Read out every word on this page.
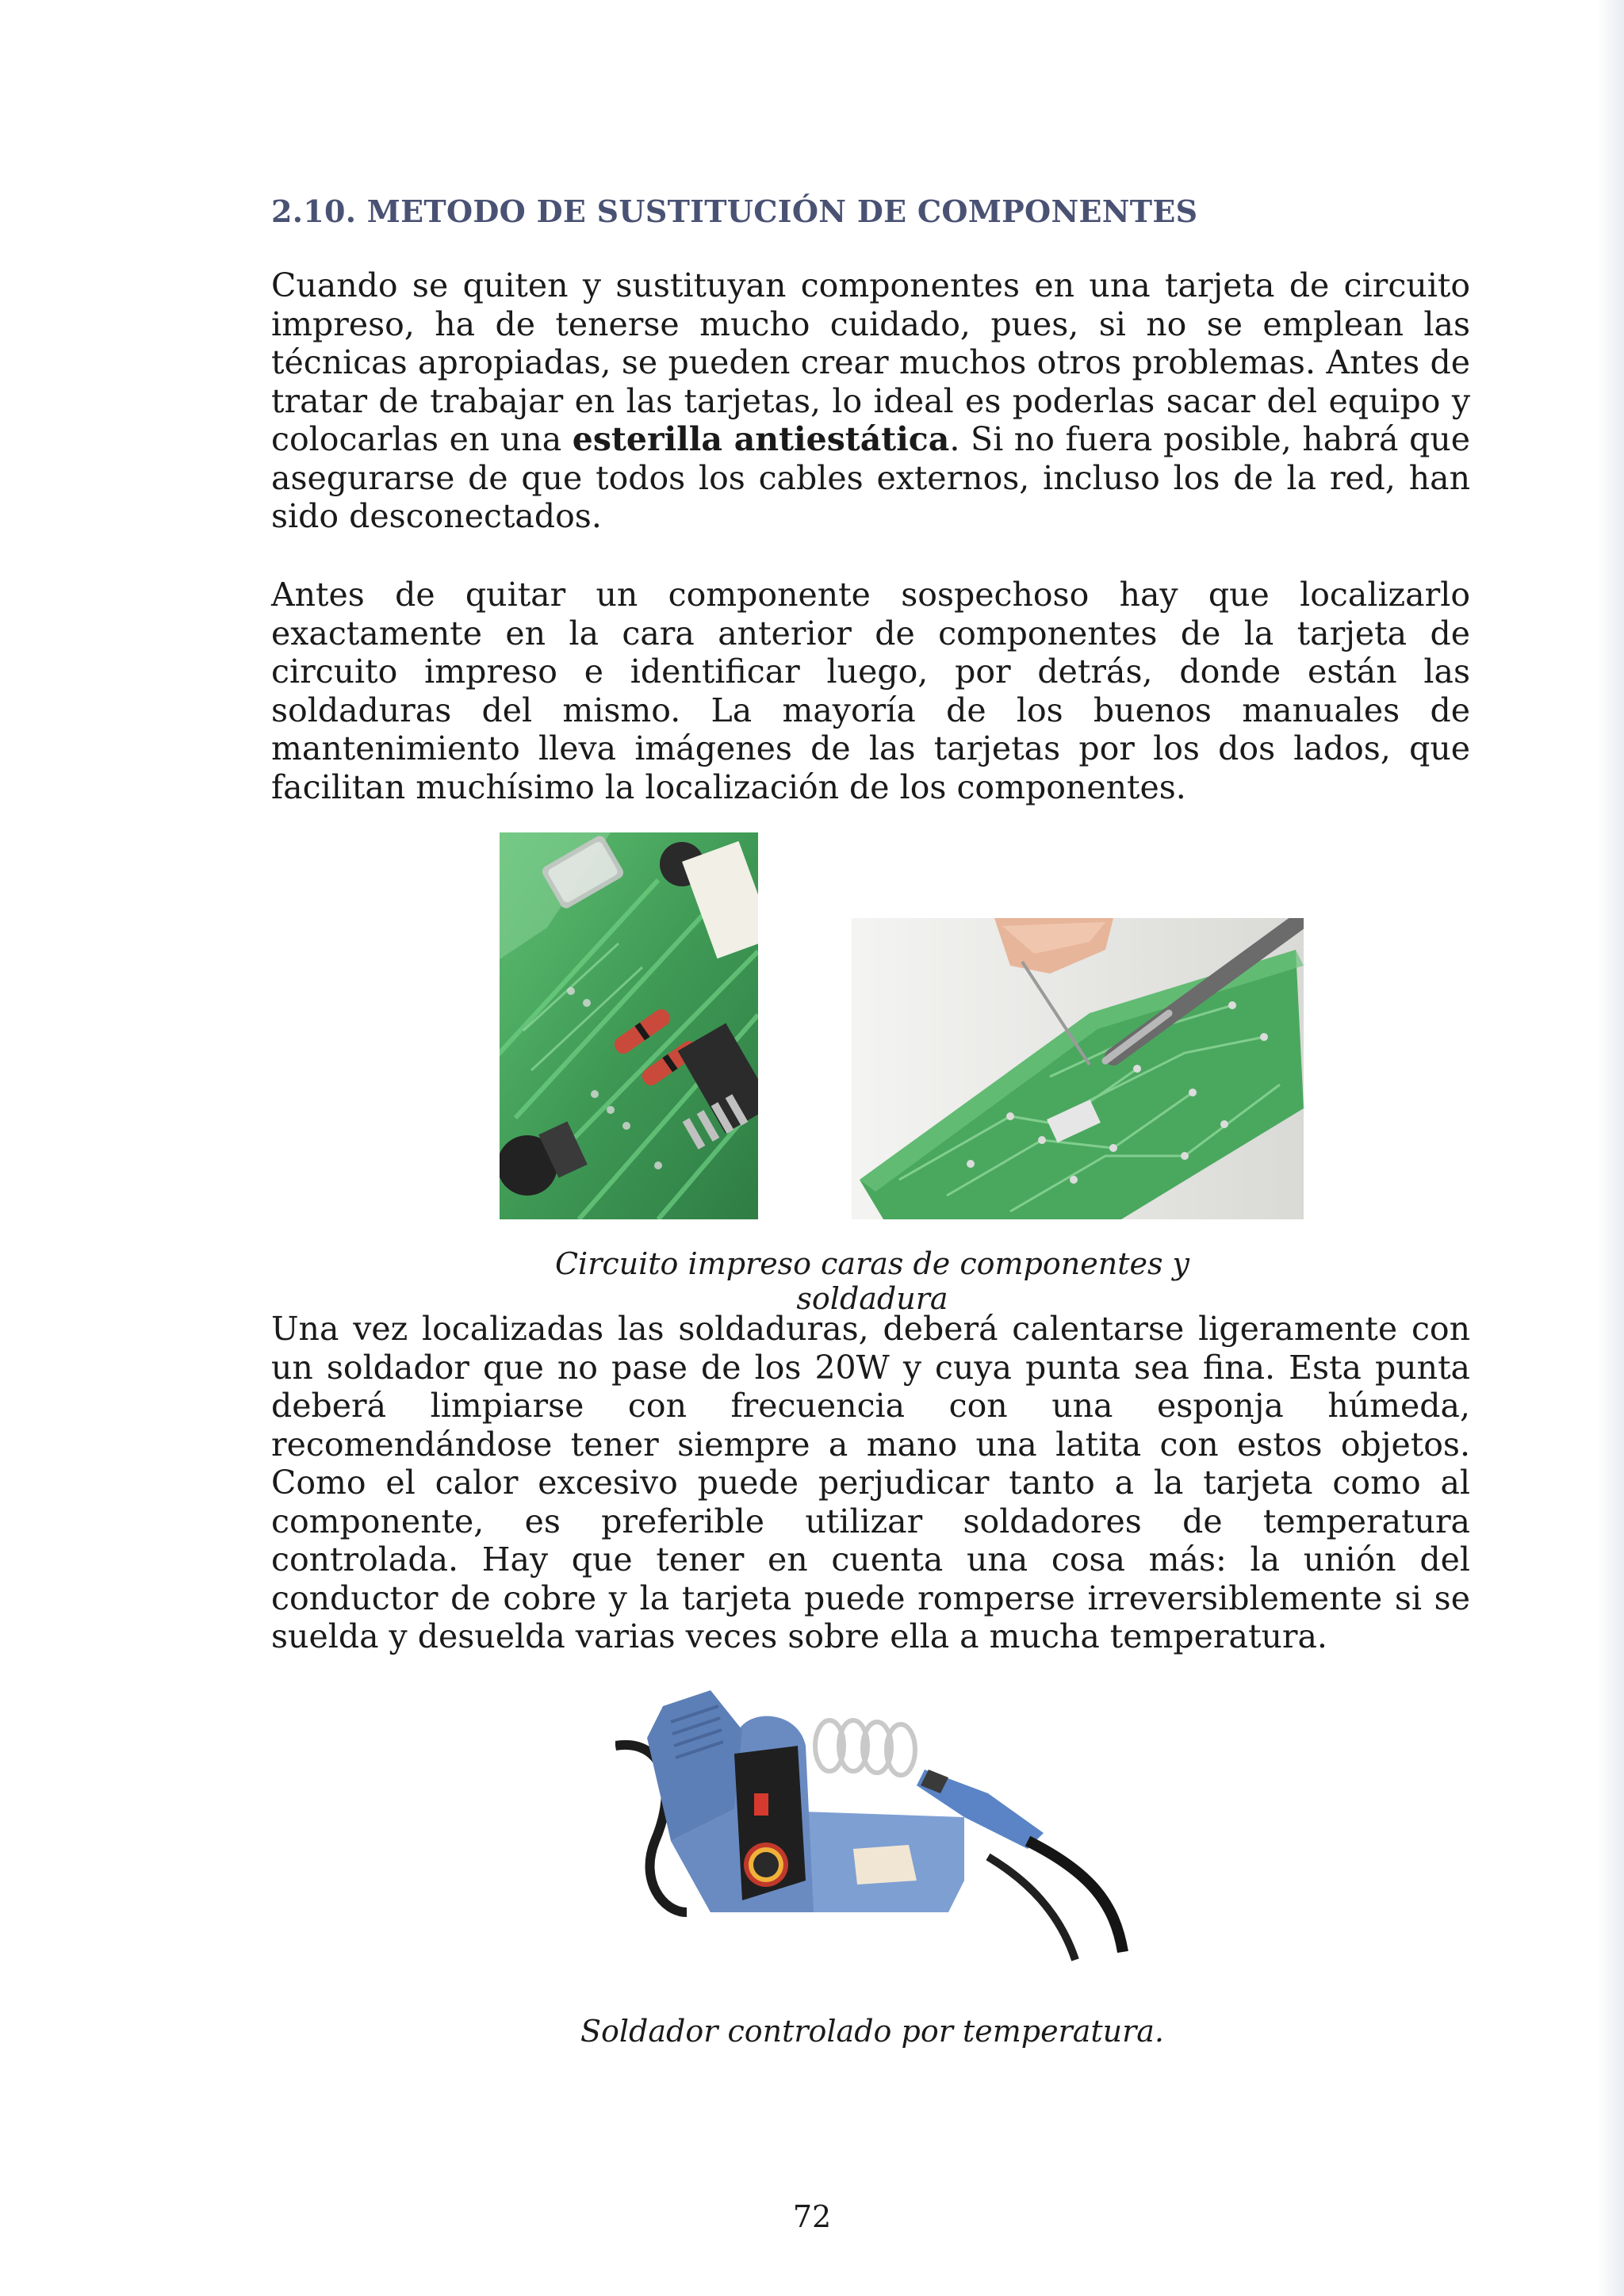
2.10. METODO DE SUSTITUCIÓN DE COMPONENTES

Cuando se quiten y sustituyan componentes en una tarjeta de circuito impreso, ha de tenerse mucho cuidado, pues, si no se emplean las técnicas apropiadas, se pueden crear muchos otros problemas. Antes de tratar de trabajar en las tarjetas, lo ideal es poderlas sacar del equipo y colocarlas en una esterilla antiestática. Si no fuera posible, habrá que asegurarse de que todos los cables externos, incluso los de la red, han sido desconectados.

Antes de quitar un componente sospechoso hay que localizarlo exactamente en la cara anterior de componentes de la tarjeta de circuito impreso e identificar luego, por detrás, donde están las soldaduras del mismo. La mayoría de los buenos manuales de mantenimiento lleva imágenes de las tarjetas por los dos lados, que facilitan muchísimo la localización de los componentes.

Circuito impreso caras de componentes y soldadura

Una vez localizadas las soldaduras, deberá calentarse ligeramente con un soldador que no pase de los 20W y cuya punta sea fina. Esta punta deberá limpiarse con frecuencia con una esponja húmeda, recomendándose tener siempre a mano una latita con estos objetos. Como el calor excesivo puede perjudicar tanto a la tarjeta como al componente, es preferible utilizar soldadores de temperatura controlada. Hay que tener en cuenta una cosa más: la unión del conductor de cobre y la tarjeta puede romperse irreversiblemente si se suelda y desuelda varias veces sobre ella a mucha temperatura.

Soldador controlado por temperatura.

72
